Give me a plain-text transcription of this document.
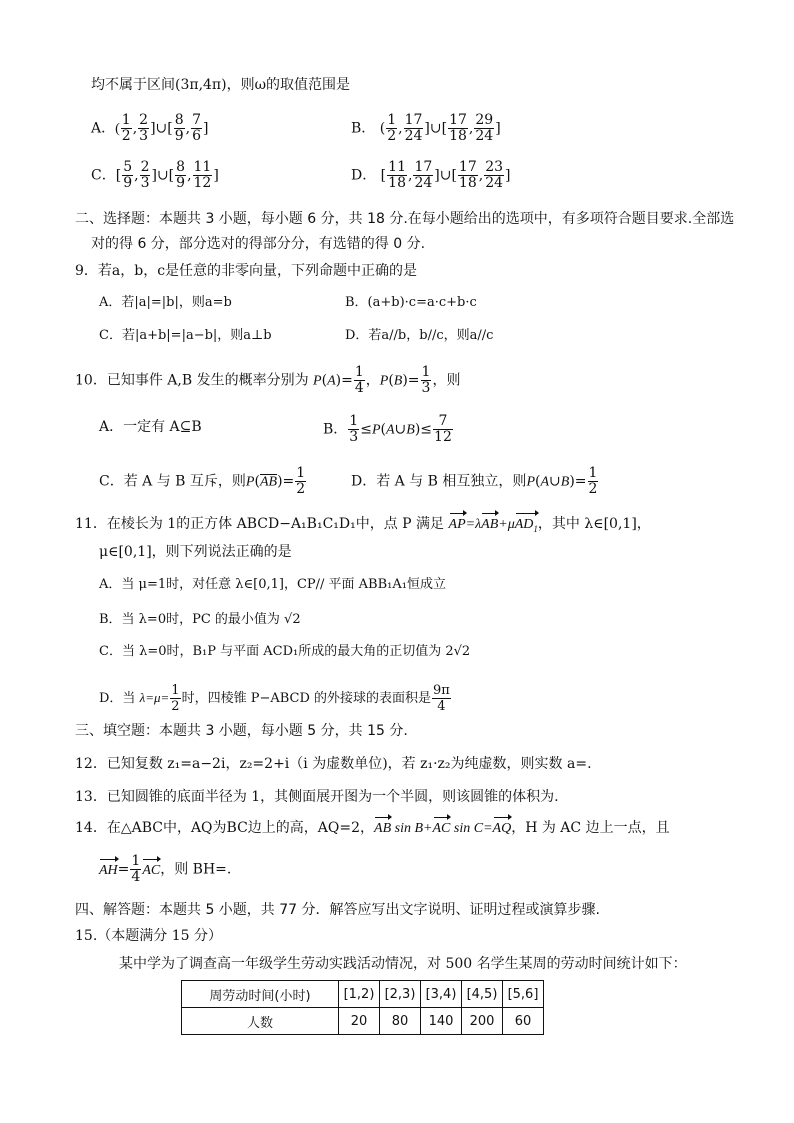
均不属于区间(3π,4π)，则ω的取值范围是
A．( $\frac{1}{2}$ , $\frac{2}{3}$ ]∪[ $\frac{8}{9}$ , $\frac{7}{6}$ ]	B． ( $\frac{1}{2}$ , $\frac{17}{24}$ ]∪[ $\frac{17}{18}$ , $\frac{29}{24}$ ]
C．[ $\frac{5}{9}$ , $\frac{2}{3}$ ]∪[ $\frac{8}{9}$ , $\frac{11}{12}$ ]	D． [ $\frac{11}{18}$ , $\frac{17}{24}$ ]∪[ $\frac{17}{18}$ , $\frac{23}{24}$ ]
二、选择题：本题共 3 小题，每小题 6 分，共 18 分.在每小题给出的选项中，有多项符合题目要求.全部选
对的得 6 分，部分选对的得部分分，有选错的得 0 分.
9．若a，b，c是任意的非零向量，下列命题中正确的是
A．若|a|=|b|，则a=b	B．(a+b)·c=a·c+b·c
C．若|a+b|=|a−b|，则a⊥b	D．若a//b，b//c，则a//c
10．已知事件 A,B 发生的概率分别为 $P(A)= \frac{1}{4}$ ，$P(B)= \frac{1}{3}$ ，则
A．一定有 A⊆B	B． $\frac{1}{3}$ ≤P(A∪B)≤ $\frac{7}{12}$
C．若 A 与 B 互斥，则$P(\overline{AB})= \frac{1}{2}$	D．若 A 与 B 相互独立，则P(A∪B)= $\frac{1}{2}$
11．在棱长为 1的正方体 ABCD−A₁B₁C₁D₁中，点 P 满足 AP=λAB+μAD$_1$，其中 λ∈[0,1]，
μ∈[0,1]，则下列说法正确的是
A．当 μ=1时，对任意 λ∈[0,1]，CP// 平面 ABB₁A₁恒成立
B．当 λ=0时，PC 的最小值为 √2
C．当 λ=0时，B₁P 与平面 ACD₁所成的最大角的正切值为 2√2
D．当 $\lambda=\mu= \frac{1}{2}$ 时，四棱锥 P−ABCD 的外接球的表面积是 $\frac{9\pi}{4}$
三、填空题：本题共 3 小题，每小题 5 分，共 15 分.
12．已知复数 z₁=a−2i，z₂=2+i（i 为虚数单位)，若 z₁·z₂为纯虚数，则实数 a=.
13．已知圆锥的底面半径为 1，其侧面展开图为一个半圆，则该圆锥的体积为.
14．在△ABC中，AQ为BC边上的高，AQ=2，AB sin B+AC sin C=AQ，H 为 AC 边上一点，且
$AH= \frac{1}{4}$ AC，则 BH=.
四、解答题：本题共 5 小题，共 77 分．解答应写出文字说明、证明过程或演算步骤.
15.（本题满分 15 分）
某中学为了调查高一年级学生劳动实践活动情况，对 500 名学生某周的劳动时间统计如下：
周劳动时间(小时)	[1,2)	[2,3)	[3,4)	[4,5)	[5,6]
人数	20	80	140	200	60
